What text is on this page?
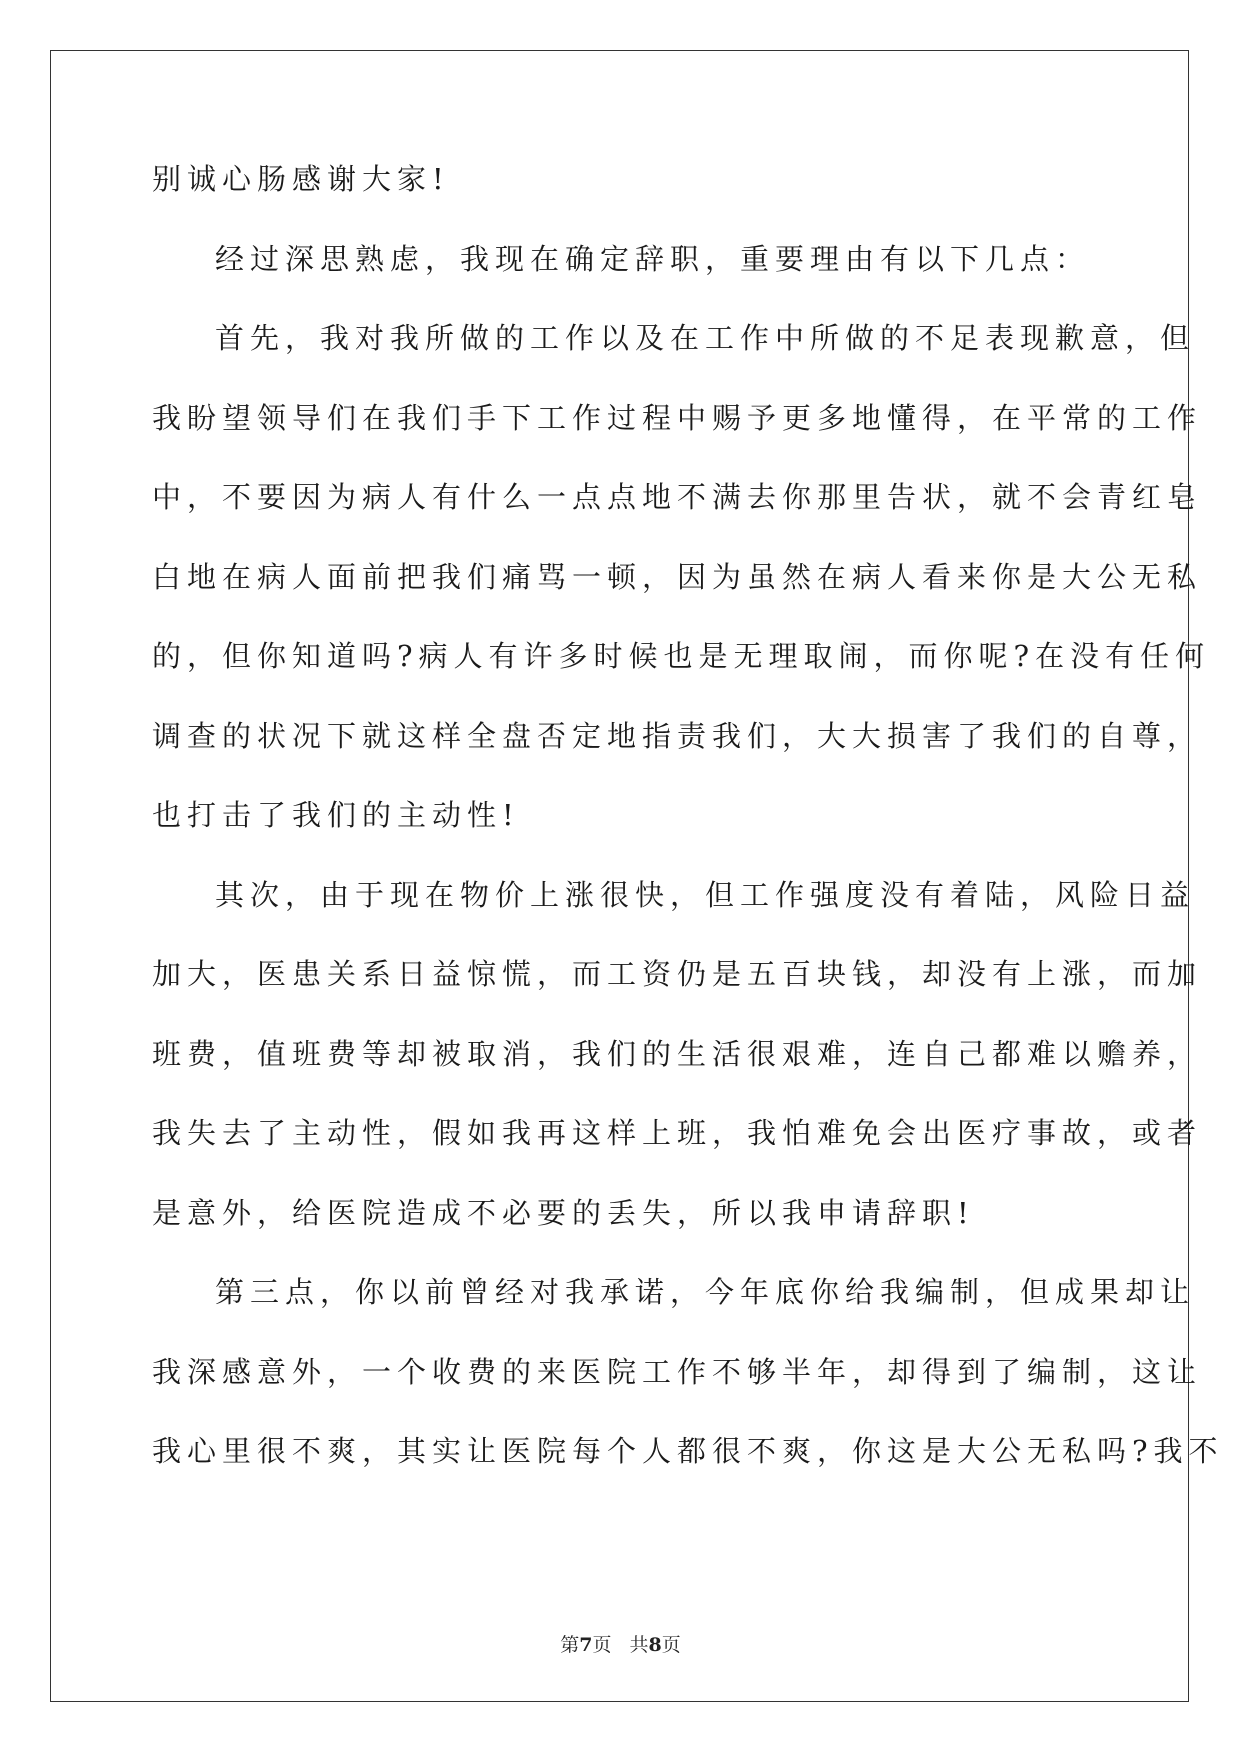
别诚心肠感谢大家!
经过深思熟虑，我现在确定辞职，重要理由有以下几点：
首先，我对我所做的工作以及在工作中所做的不足表现歉意，但
我盼望领导们在我们手下工作过程中赐予更多地懂得，在平常的工作
中，不要因为病人有什么一点点地不满去你那里告状，就不会青红皂
白地在病人面前把我们痛骂一顿，因为虽然在病人看来你是大公无私
的，但你知道吗?病人有许多时候也是无理取闹，而你呢?在没有任何
调查的状况下就这样全盘否定地指责我们，大大损害了我们的自尊，
也打击了我们的主动性!
其次，由于现在物价上涨很快，但工作强度没有着陆，风险日益
加大，医患关系日益惊慌，而工资仍是五百块钱，却没有上涨，而加
班费，值班费等却被取消，我们的生活很艰难，连自己都难以赡养，
我失去了主动性，假如我再这样上班，我怕难免会出医疗事故，或者
是意外，给医院造成不必要的丢失，所以我申请辞职!
第三点，你以前曾经对我承诺，今年底你给我编制，但成果却让
我深感意外，一个收费的来医院工作不够半年，却得到了编制，这让
我心里很不爽，其实让医院每个人都很不爽，你这是大公无私吗?我不
第7页 共8页
